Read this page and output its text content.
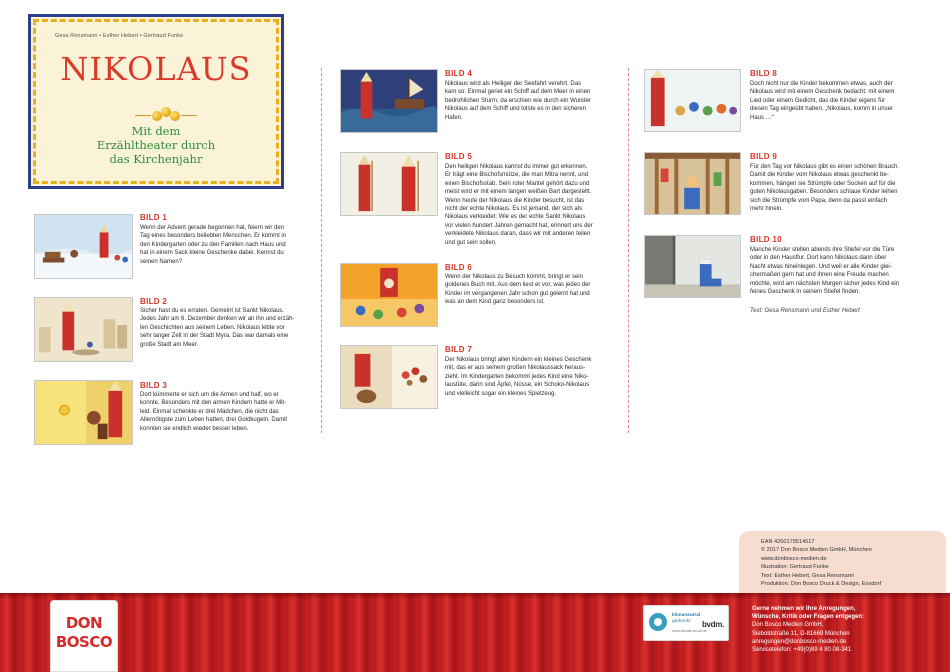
Gesa Rensmann • Esther Hebert • Gertraud Funke
NIKOLAUS
Mit dem
Erzähltheater durch
das Kirchenjahr
BILD 1
Wenn der Advent gerade begonnen hat, feiern wir den
Tag eines besonders beliebten Menschen. Er kommt in
den Kindergarten oder zu den Familien nach Haus und
hat in einem Sack kleine Geschenke dabei. Kennst du
seinen Namen?
BILD 2
Sicher hast du es erraten. Gemeint ist Sankt Nikolaus.
Jedes Jahr am 6. Dezember denken wir an ihn und erzäh-
len Geschichten aus seinem Leben. Nikolaus lebte vor
sehr langer Zeit in der Stadt Myra. Das war damals eine
große Stadt am Meer.
BILD 3
Dort kümmerte er sich um die Armen und half, wo er
konnte. Besonders mit den armen Kindern hatte er Mit-
leid. Einmal schenkte er drei Mädchen, die nicht das
Allernötigste zum Leben hatten, drei Goldkugeln. Damit
konnten sie endlich wieder besser leben.
BILD 4
Nikolaus wird als Heiliger der Seefahrt verehrt. Das
kam so: Einmal geriet ein Schiff auf dem Meer in einen
bedrohlichen Sturm, da erschien wie durch ein Wunder
Nikolaus auf dem Schiff und lotste es in den sicheren
Hafen.
BILD 5
Den heiligen Nikolaus kannst du immer gut erkennen.
Er trägt eine Bischofsmütze, die man Mitra nennt, und
einen Bischofsstab. Sein roter Mantel gehört dazu und
meist wird er mit einem langen weißen Bart dargestellt.
Wenn heute der Nikolaus die Kinder besucht, ist das
nicht der echte Nikolaus. Es ist jemand, der sich als
Nikolaus verkleidet: Wie es der echte Sankt Nikolaus
vor vielen hundert Jahren gemacht hat, erinnert uns der
verkleidete Nikolaus daran, dass wir mit anderen teilen
und gut sein sollen.
BILD 6
Wenn der Nikolaus zu Besuch kommt, bringt er sein
goldenes Buch mit. Aus dem liest er vor, was jedes der
Kinder im vergangenen Jahr schon gut gelernt hat und
was an dem Kind ganz besonders ist.
BILD 7
Der Nikolaus bringt allen Kindern ein kleines Geschenk
mit, das er aus seinem großen Nikolaussack heraus-
zieht. Im Kindergarten bekommt jedes Kind eine Niko-
laustüte, darin sind Äpfel, Nüsse, ein Schoko-Nikolaus
und vielleicht sogar ein kleines Spielzeug.
BILD 8
Doch nicht nur die Kinder bekommen etwas, auch der
Nikolaus wird mit einem Geschenk bedacht: mit einem
Lied oder einem Gedicht, das die Kinder eigens für
diesen Tag eingeübt haben. „Nikolaus, komm in unser
Haus …“
BILD 9
Für den Tag vor Nikolaus gibt es einen schönen Brauch.
Damit die Kinder vom Nikolaus etwas geschenkt be-
kommen, hängen sie Strümpfe oder Socken auf für die
guten Nikolausgaben. Besonders schlaue Kinder leihen
sich die Strümpfe vom Papa, denn da passt einfach
mehr hinein.
BILD 10
Manche Kinder stellen abends ihre Stiefel vor die Türe
oder in den Hausflur. Dort kann Nikolaus dann über
Nacht etwas hineinlegen. Und weil er alle Kinder glei-
chermaßen gern hat und ihnen eine Freude machen
möchte, wird am nächsten Morgen sicher jedes Kind ein
feines Geschenk in seinem Stiefel finden.
Text: Gesa Rensmann und Esther Hebert
EAN 4260179514517
© 2017 Don Bosco Medien GmbH, München
www.donbosco-medien.de
Illustration: Gertraud Funke
Text: Esther Hebert, Gesa Rensmann
Produktion: Don Bosco Druck & Design, Ensdorf
DON
BOSCO
klimaneutral
gedruckt
www.climate-druck.de
bvdm.
Gerne nehmen wir Ihre Anregungen,
Wünsche, Kritik oder Fragen entgegen:
Don Bosco Medien GmbH,
Sieboldstraße 11, D-81669 München
anregungen@donbosco-medien.de
Servicetelefon: +49(0)89 4 80 08-341
